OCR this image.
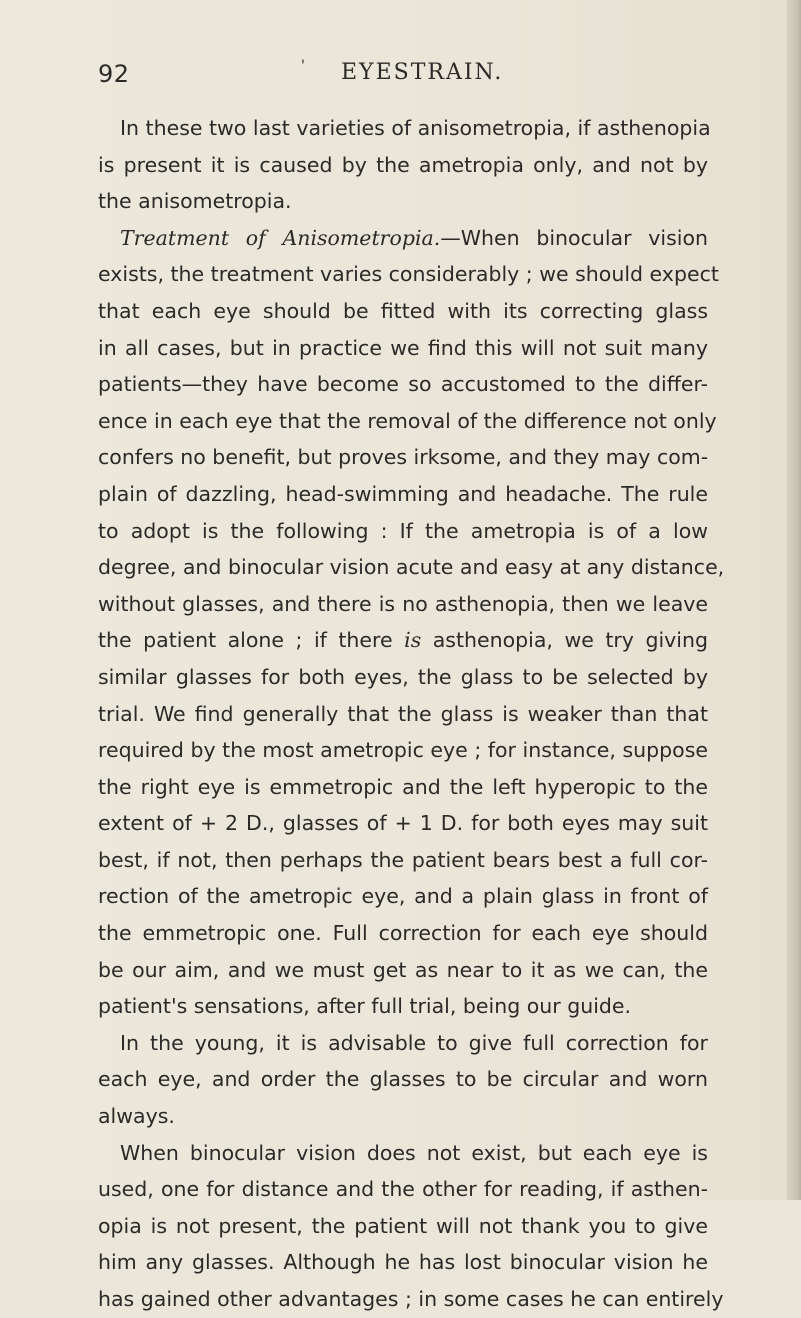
92	' EYESTRAIN.
In these two last varieties of anisometropia, if asthenopia
is present it is caused by the ametropia only, and not by
the anisometropia.
Treatment of Anisometropia.—When binocular vision
exists, the treatment varies considerably ; we should expect
that each eye should be fitted with its correcting glass
in all cases, but in practice we find this will not suit many
patients—they have become so accustomed to the differ-
ence in each eye that the removal of the difference not only
confers no benefit, but proves irksome, and they may com-
plain of dazzling, head-swimming and headache. The rule
to adopt is the following : If the ametropia is of a low
degree, and binocular vision acute and easy at any distance,
without glasses, and there is no asthenopia, then we leave
the patient alone ; if there is asthenopia, we try giving
similar glasses for both eyes, the glass to be selected by
trial. We find generally that the glass is weaker than that
required by the most ametropic eye ; for instance, suppose
the right eye is emmetropic and the left hyperopic to the
extent of + 2 D., glasses of + 1 D. for both eyes may suit
best, if not, then perhaps the patient bears best a full cor-
rection of the ametropic eye, and a plain glass in front of
the emmetropic one. Full correction for each eye should
be our aim, and we must get as near to it as we can, the
patient's sensations, after full trial, being our guide.
In the young, it is advisable to give full correction for
each eye, and order the glasses to be circular and worn
always.
When binocular vision does not exist, but each eye is
used, one for distance and the other for reading, if asthen-
opia is not present, the patient will not thank you to give
him any glasses. Although he has lost binocular vision he
has gained other advantages ; in some cases he can entirely
